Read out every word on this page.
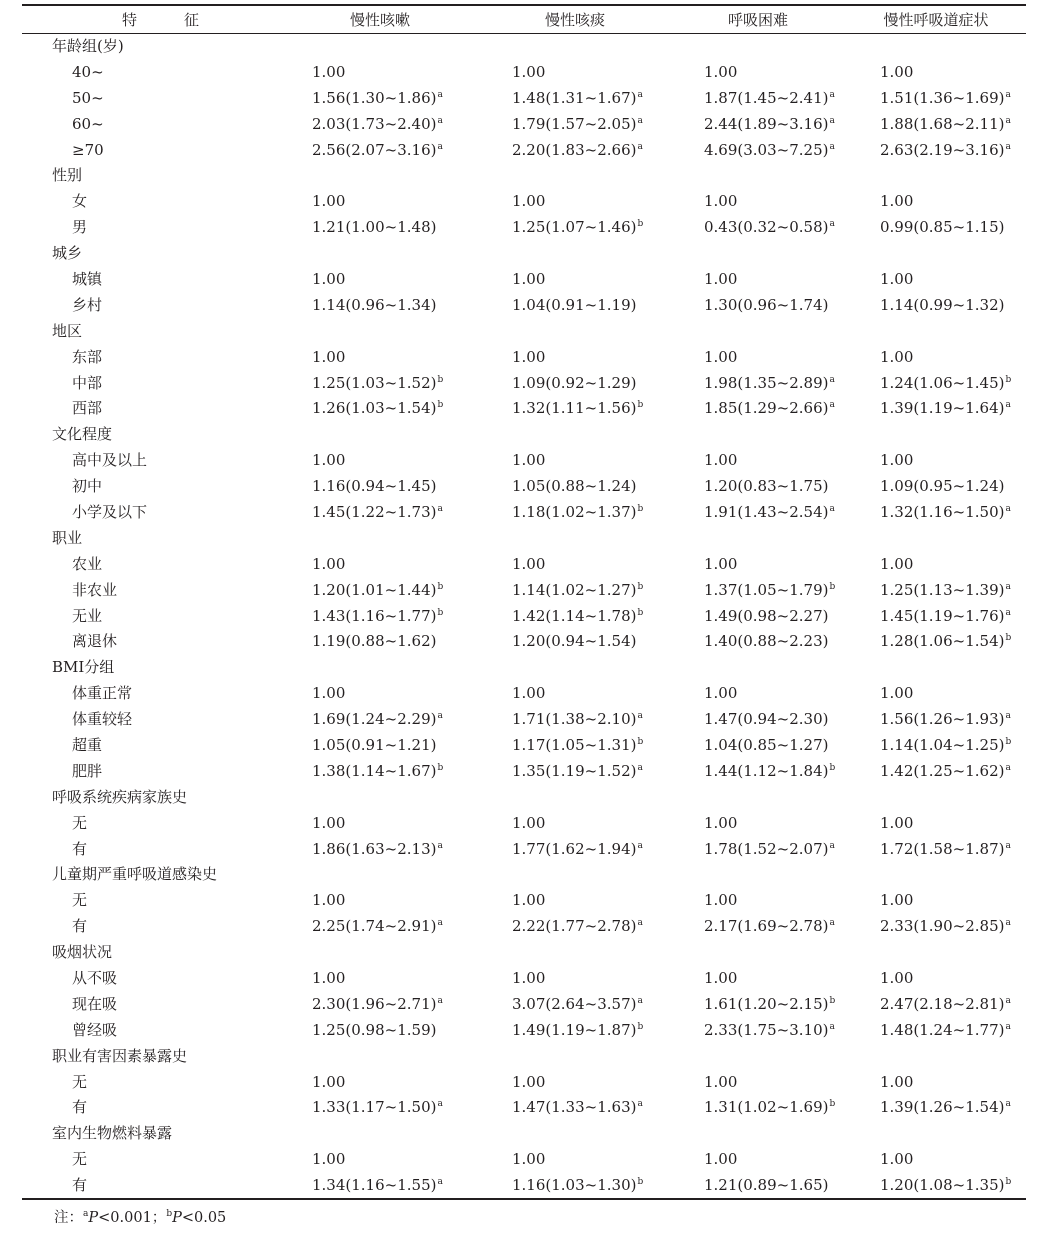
特　征	慢性咳嗽	慢性咳痰	呼吸困难	慢性呼吸道症状
年龄组(岁)				
40~	1.00	1.00	1.00	1.00
50~	1.56(1.30~1.86)$^a$	1.48(1.31~1.67)$^a$	1.87(1.45~2.41)$^a$	1.51(1.36~1.69)$^a$
60~	2.03(1.73~2.40)$^a$	1.79(1.57~2.05)$^a$	2.44(1.89~3.16)$^a$	1.88(1.68~2.11)$^a$
≥70	2.56(2.07~3.16)$^a$	2.20(1.83~2.66)$^a$	4.69(3.03~7.25)$^a$	2.63(2.19~3.16)$^a$
性别				
女	1.00	1.00	1.00	1.00
男	1.21(1.00~1.48)	1.25(1.07~1.46)$^b$	0.43(0.32~0.58)$^a$	0.99(0.85~1.15)
城乡				
城镇	1.00	1.00	1.00	1.00
乡村	1.14(0.96~1.34)	1.04(0.91~1.19)	1.30(0.96~1.74)	1.14(0.99~1.32)
地区				
东部	1.00	1.00	1.00	1.00
中部	1.25(1.03~1.52)$^b$	1.09(0.92~1.29)	1.98(1.35~2.89)$^a$	1.24(1.06~1.45)$^b$
西部	1.26(1.03~1.54)$^b$	1.32(1.11~1.56)$^b$	1.85(1.29~2.66)$^a$	1.39(1.19~1.64)$^a$
文化程度				
高中及以上	1.00	1.00	1.00	1.00
初中	1.16(0.94~1.45)	1.05(0.88~1.24)	1.20(0.83~1.75)	1.09(0.95~1.24)
小学及以下	1.45(1.22~1.73)$^a$	1.18(1.02~1.37)$^b$	1.91(1.43~2.54)$^a$	1.32(1.16~1.50)$^a$
职业				
农业	1.00	1.00	1.00	1.00
非农业	1.20(1.01~1.44)$^b$	1.14(1.02~1.27)$^b$	1.37(1.05~1.79)$^b$	1.25(1.13~1.39)$^a$
无业	1.43(1.16~1.77)$^b$	1.42(1.14~1.78)$^b$	1.49(0.98~2.27)	1.45(1.19~1.76)$^a$
离退休	1.19(0.88~1.62)	1.20(0.94~1.54)	1.40(0.88~2.23)	1.28(1.06~1.54)$^b$
BMI分组				
体重正常	1.00	1.00	1.00	1.00
体重较轻	1.69(1.24~2.29)$^a$	1.71(1.38~2.10)$^a$	1.47(0.94~2.30)	1.56(1.26~1.93)$^a$
超重	1.05(0.91~1.21)	1.17(1.05~1.31)$^b$	1.04(0.85~1.27)	1.14(1.04~1.25)$^b$
肥胖	1.38(1.14~1.67)$^b$	1.35(1.19~1.52)$^a$	1.44(1.12~1.84)$^b$	1.42(1.25~1.62)$^a$
呼吸系统疾病家族史				
无	1.00	1.00	1.00	1.00
有	1.86(1.63~2.13)$^a$	1.77(1.62~1.94)$^a$	1.78(1.52~2.07)$^a$	1.72(1.58~1.87)$^a$
儿童期严重呼吸道感染史				
无	1.00	1.00	1.00	1.00
有	2.25(1.74~2.91)$^a$	2.22(1.77~2.78)$^a$	2.17(1.69~2.78)$^a$	2.33(1.90~2.85)$^a$
吸烟状况				
从不吸	1.00	1.00	1.00	1.00
现在吸	2.30(1.96~2.71)$^a$	3.07(2.64~3.57)$^a$	1.61(1.20~2.15)$^b$	2.47(2.18~2.81)$^a$
曾经吸	1.25(0.98~1.59)	1.49(1.19~1.87)$^b$	2.33(1.75~3.10)$^a$	1.48(1.24~1.77)$^a$
职业有害因素暴露史				
无	1.00	1.00	1.00	1.00
有	1.33(1.17~1.50)$^a$	1.47(1.33~1.63)$^a$	1.31(1.02~1.69)$^b$	1.39(1.26~1.54)$^a$
室内生物燃料暴露				
无	1.00	1.00	1.00	1.00
有	1.34(1.16~1.55)$^a$	1.16(1.03~1.30)$^b$	1.21(0.89~1.65)	1.20(1.08~1.35)$^b$
注：$^a$P<0.001；$^b$P<0.05
